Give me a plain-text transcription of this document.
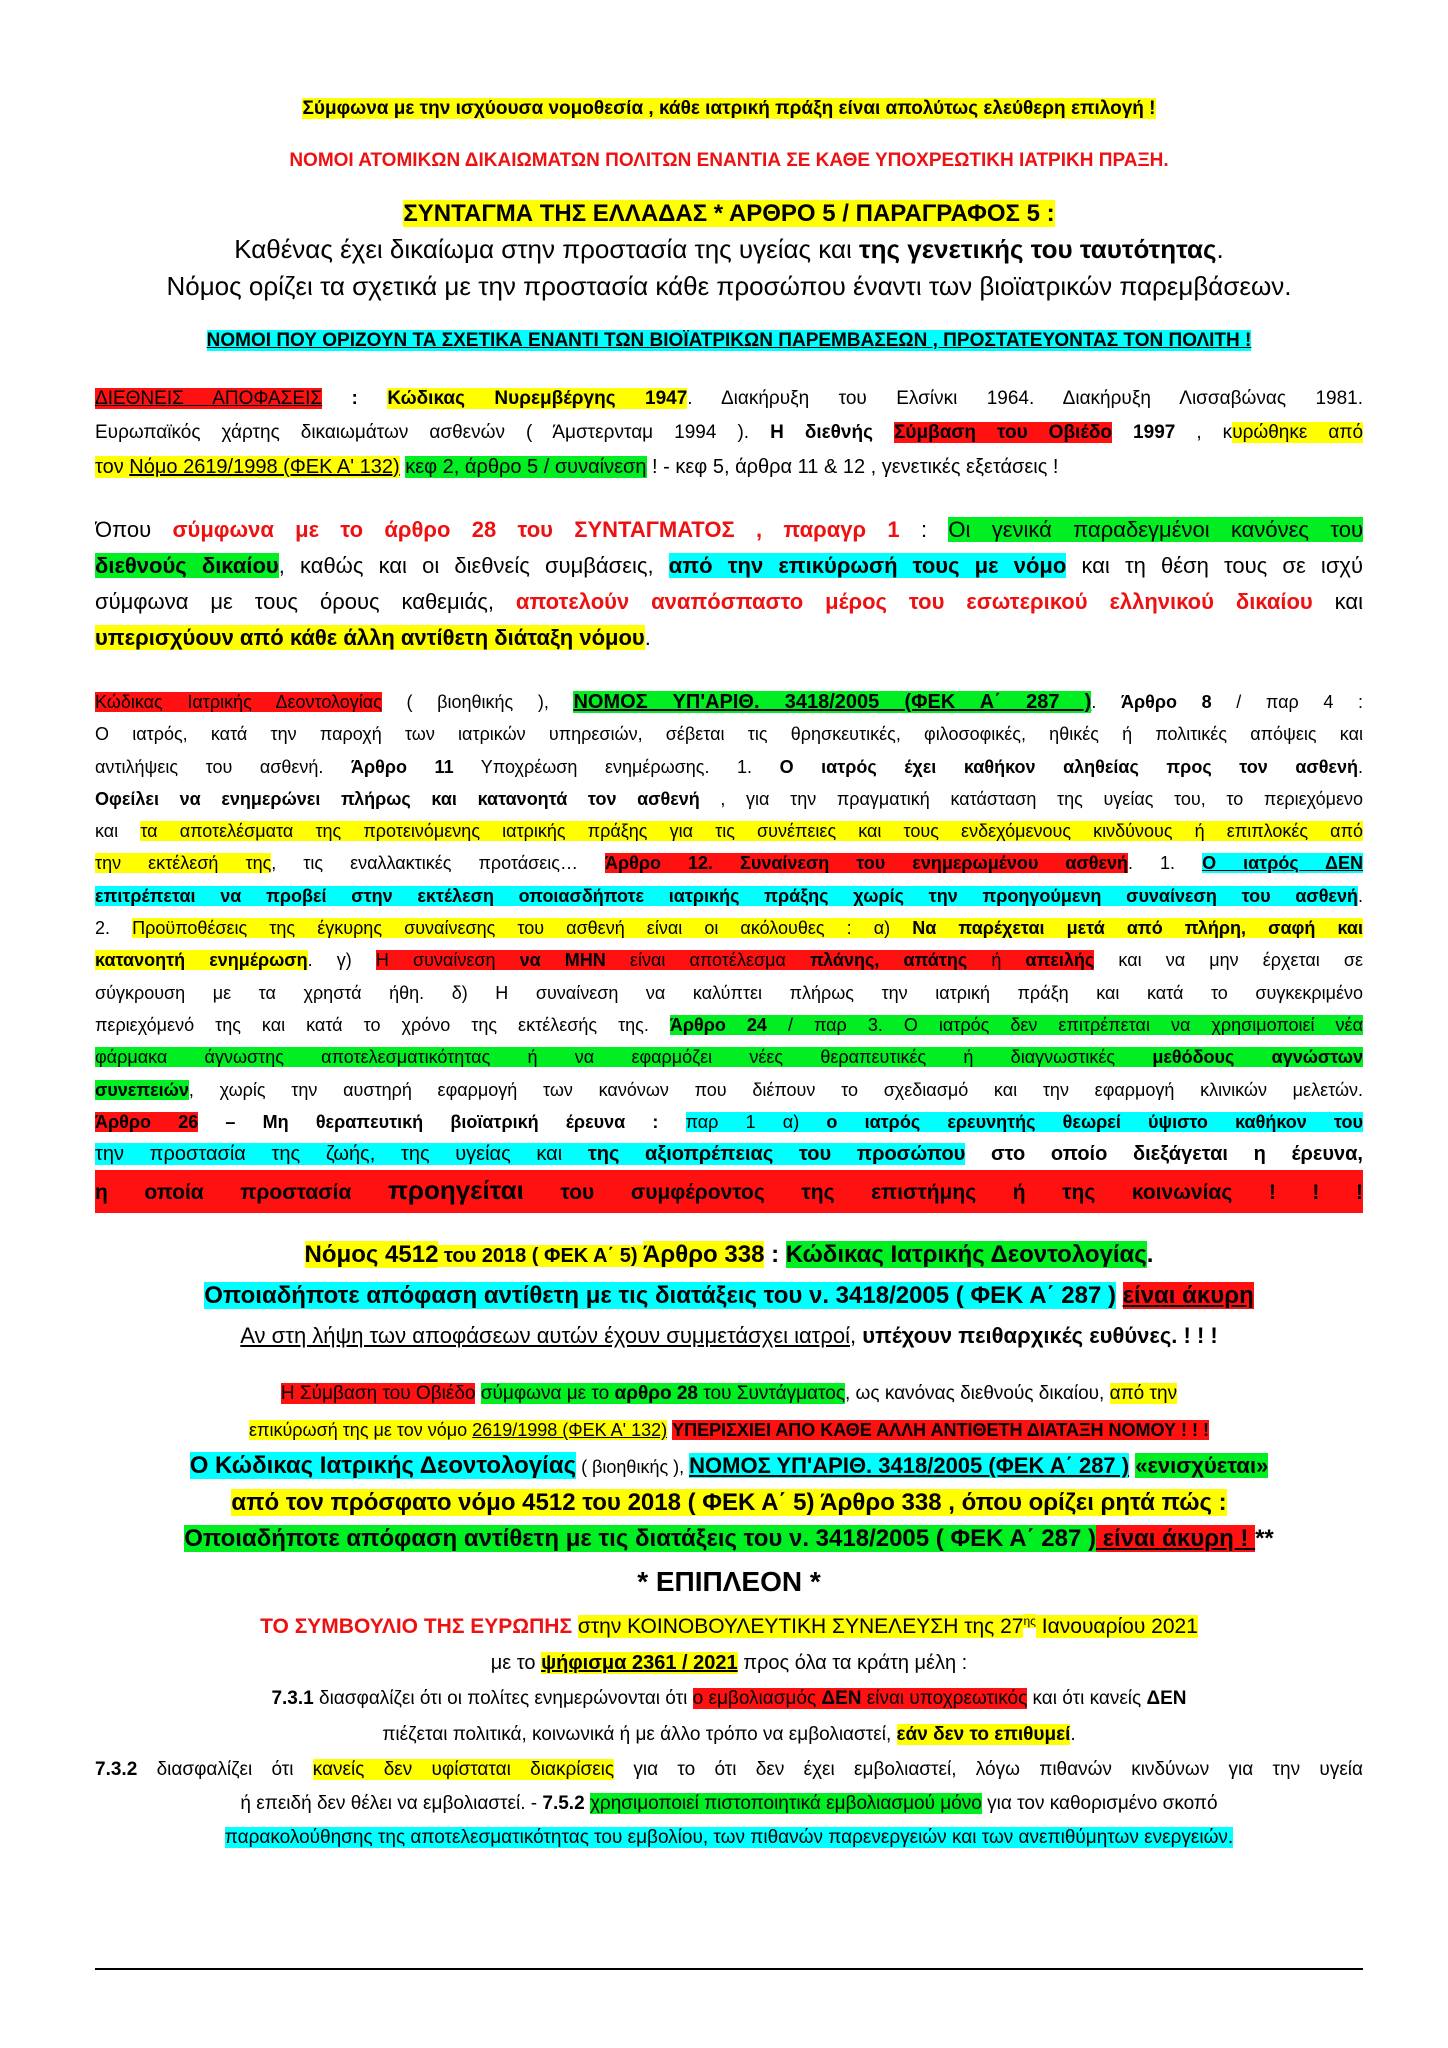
Σύμφωνα με την ισχύουσα νομοθεσία , κάθε ιατρική πράξη είναι απολύτως ελεύθερη επιλογή !
ΝΟΜΟΙ ΑΤΟΜΙΚΩΝ ΔΙΚΑΙΩΜΑΤΩΝ ΠΟΛΙΤΩΝ ΕΝΑΝΤΙΑ ΣΕ ΚΑΘΕ ΥΠΟΧΡΕΩΤΙΚΗ ΙΑΤΡΙΚΗ ΠΡΑΞΗ.
ΣΥΝΤΑΓΜΑ ΤΗΣ ΕΛΛΑΔΑΣ * ΑΡΘΡΟ 5 / ΠΑΡΑΓΡΑΦΟΣ 5 :
Καθένας έχει δικαίωμα στην προστασία της υγείας και της γενετικής του ταυτότητας.
Νόμος ορίζει τα σχετικά με την προστασία κάθε προσώπου έναντι των βιοϊατρικών παρεμβάσεων.
ΝΟΜΟΙ ΠΟΥ ΟΡΙΖΟΥΝ ΤΑ ΣΧΕΤΙΚΑ ΕΝΑΝΤΙ ΤΩΝ ΒΙΟΪΑΤΡΙΚΩΝ ΠΑΡΕΜΒΑΣΕΩΝ , ΠΡΟΣΤΑΤΕΥΟΝΤΑΣ ΤΟΝ ΠΟΛΙΤΗ !
ΔΙΕΘΝΕΙΣ ΑΠΟΦΑΣΕΙΣ : Κώδικας Νυρεμβέργης 1947. Διακήρυξη του Ελσίνκι 1964. Διακήρυξη Λισσαβώνας 1981.
Ευρωπαϊκός χάρτης δικαιωμάτων ασθενών ( Άμστερνταμ 1994 ). Η διεθνής Σύμβαση του Οβιέδο 1997 , κυρώθηκε από
τον Νόμο 2619/1998 (ΦΕΚ Α' 132) κεφ 2, άρθρο 5 / συναίνεση ! - κεφ 5, άρθρα 11 & 12 , γενετικές εξετάσεις !
Όπου σύμφωνα με το άρθρο 28 του ΣΥΝΤΑΓΜΑΤΟΣ , παραγρ 1 : Οι γενικά παραδεγμένοι κανόνες του
διεθνούς δικαίου, καθώς και οι διεθνείς συμβάσεις, από την επικύρωσή τους με νόμο και τη θέση τους σε ισχύ
σύμφωνα με τους όρους καθεμιάς, αποτελούν αναπόσπαστο μέρος του εσωτερικού ελληνικού δικαίου και
υπερισχύουν από κάθε άλλη αντίθετη διάταξη νόμου.
Κώδικας Ιατρικής Δεοντολογίας ( βιοηθικής ), ΝΟΜΟΣ ΥΠ'ΑΡΙΘ. 3418/2005 (ΦΕΚ Α΄ 287 ). Άρθρο 8 / παρ 4 :
Ο ιατρός, κατά την παροχή των ιατρικών υπηρεσιών, σέβεται τις θρησκευτικές, φιλοσοφικές, ηθικές ή πολιτικές απόψεις και
αντιλήψεις του ασθενή. Άρθρο 11 Υποχρέωση ενημέρωσης. 1. Ο ιατρός έχει καθήκον αληθείας προς τον ασθενή.
Οφείλει να ενημερώνει πλήρως και κατανοητά τον ασθενή , για την πραγματική κατάσταση της υγείας του, το περιεχόμενο
και τα αποτελέσματα της προτεινόμενης ιατρικής πράξης για τις συνέπειες και τους ενδεχόμενους κινδύνους ή επιπλοκές από
την εκτέλεσή της, τις εναλλακτικές προτάσεις… Άρθρο 12. Συναίνεση του ενημερωμένου ασθενή. 1. Ο ιατρός ΔΕΝ
επιτρέπεται να προβεί στην εκτέλεση οποιασδήποτε ιατρικής πράξης χωρίς την προηγούμενη συναίνεση του ασθενή.
2. Προϋποθέσεις της έγκυρης συναίνεσης του ασθενή είναι οι ακόλουθες : α) Να παρέχεται μετά από πλήρη, σαφή και
κατανοητή ενημέρωση. γ) Η συναίνεση να ΜΗΝ είναι αποτέλεσμα πλάνης, απάτης ή απειλής και να μην έρχεται σε
σύγκρουση με τα χρηστά ήθη. δ) Η συναίνεση να καλύπτει πλήρως την ιατρική πράξη και κατά το συγκεκριμένο
περιεχόμενό της και κατά το χρόνο της εκτέλεσής της. Άρθρο 24 / παρ 3. Ο ιατρός δεν επιτρέπεται να χρησιμοποιεί νέα
φάρμακα άγνωστης αποτελεσματικότητας ή να εφαρμόζει νέες θεραπευτικές ή διαγνωστικές μεθόδους αγνώστων
συνεπειών, χωρίς την αυστηρή εφαρμογή των κανόνων που διέπουν το σχεδιασμό και την εφαρμογή κλινικών μελετών.
Άρθρο 26 – Μη θεραπευτική βιοϊατρική έρευνα : παρ 1 α) ο ιατρός ερευνητής θεωρεί ύψιστο καθήκον του
την προστασία της ζωής, της υγείας και της αξιοπρέπειας του προσώπου στο οποίο διεξάγεται η έρευνα,
η οποία προστασία προηγείται του συμφέροντος της επιστήμης ή της κοινωνίας ! ! !
Νόμος 4512 του 2018 ( ΦΕΚ Α΄ 5) Άρθρο 338 : Κώδικας Ιατρικής Δεοντολογίας.
Οποιαδήποτε απόφαση αντίθετη με τις διατάξεις του ν. 3418/2005 ( ΦΕΚ Α΄ 287 ) είναι άκυρη
Αν στη λήψη των αποφάσεων αυτών έχουν συμμετάσχει ιατροί, υπέχουν πειθαρχικές ευθύνες. ! ! !
Η Σύμβαση του Οβιέδο σύμφωνα με το αρθρο 28 του Συντάγματος, ως κανόνας διεθνούς δικαίου, από την
επικύρωσή της με τον νόμο 2619/1998 (ΦΕΚ Α' 132) ΥΠΕΡΙΣΧΙΕΙ ΑΠΟ ΚΑΘΕ ΑΛΛΗ ΑΝΤΙΘΕΤΗ ΔΙΑΤΑΞΗ ΝΟΜΟΥ ! ! !
Ο Κώδικας Ιατρικής Δεοντολογίας ( βιοηθικής ), ΝΟΜΟΣ ΥΠ'ΑΡΙΘ. 3418/2005 (ΦΕΚ Α΄ 287 ) «ενισχύεται»
από τον πρόσφατο νόμο 4512 του 2018 ( ΦΕΚ Α΄ 5) Άρθρο 338 , όπου ορίζει ρητά πώς :
Οποιαδήποτε απόφαση αντίθετη με τις διατάξεις του ν. 3418/2005 ( ΦΕΚ Α΄ 287 ) είναι άκυρη ! **
* ΕΠΙΠΛΕΟΝ *
ΤΟ ΣΥΜΒΟΥΛΙΟ ΤΗΣ ΕΥΡΩΠΗΣ στην ΚΟΙΝΟΒΟΥΛΕΥΤΙΚΗ ΣΥΝΕΛΕΥΣΗ της $27^{\eta\varsigma}$ Ιανουαρίου 2021
με το ψήφισμα 2361 / 2021 προς όλα τα κράτη μέλη :
7.3.1 διασφαλίζει ότι οι πολίτες ενημερώνονται ότι ο εμβολιασμός ΔΕΝ είναι υποχρεωτικός και ότι κανείς ΔΕΝ
πιέζεται πολιτικά, κοινωνικά ή με άλλο τρόπο να εμβολιαστεί, εάν δεν το επιθυμεί.
7.3.2 διασφαλίζει ότι κανείς δεν υφίσταται διακρίσεις για το ότι δεν έχει εμβολιαστεί, λόγω πιθανών κινδύνων για την υγεία
ή επειδή δεν θέλει να εμβολιαστεί. - 7.5.2 χρησιμοποιεί πιστοποιητικά εμβολιασμού μόνο για τον καθορισμένο σκοπό
παρακολούθησης της αποτελεσματικότητας του εμβολίου, των πιθανών παρενεργειών και των ανεπιθύμητων ενεργειών.
